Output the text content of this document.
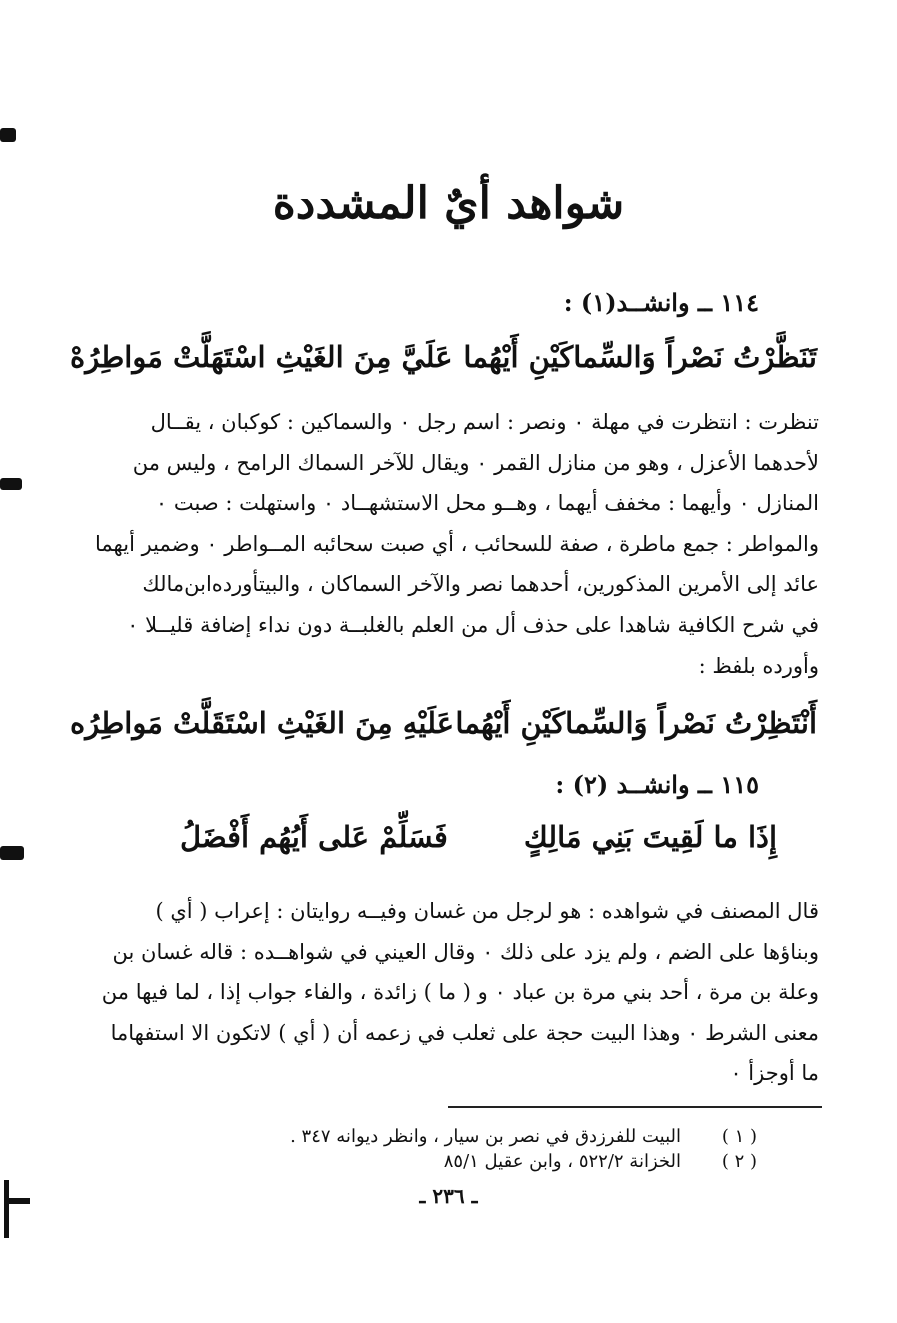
شواهد أيٌ المشددة
١١٤ ــ وانشــد(١) :
تَنَظَّرْتُ نَصْراً وَالسِّماكَيْنِ أَيْهُما
عَلَيَّ مِنَ الغَيْثِ اسْتَهَلَّتْ مَواطِرُهْ
تنظرت : انتظرت في مهلة ٠ ونصر : اسم رجل ٠ والسماكين : كوكبان ، يقــال
لأحدهما الأعزل ، وهو من منازل القمر ٠ ويقال للآخر السماك الرامح ، وليس من
المنازل ٠ وأيهما : مخفف أيهما ، وهــو محل الاستشهــاد ٠ واستهلت : صبت ٠
والمواطر : جمع ماطرة ، صفة للسحائب ، أي صبت سحائبه المــواطر ٠ وضمير أيهما
عائد إلى الأمرين المذكورين، أحدهما نصر والآخر السماكان ، والبيتأورده‌ابن‌مالك
في شرح الكافية شاهدا على حذف أل من العلم بالغلبــة دون نداء إضافة قليــلا ٠
وأورده بلفظ :
أَنْتَظِرْتُ نَصْراً وَالسِّماكَيْنِ أَيْهُما
عَلَيْهِ مِنَ الغَيْثِ اسْتَقَلَّتْ مَواطِرُه
١١٥ ــ وانشــد (٢) :
إِذَا ما لَقِيتَ بَنِي مَالِكٍ
فَسَلِّمْ عَلى أَيُهُم أَفْضَلُ
قال المصنف في شواهده : هو لرجل من غسان وفيــه روايتان : إعراب ( أي )
وبناؤها على الضم ، ولم يزد على ذلك ٠ وقال العيني في شواهــده : قاله غسان بن
وعلة بن مرة ، أحد بني مرة بن عباد ٠ و ( ما ) زائدة ، والفاء جواب إذا ، لما فيها من
معنى الشرط ٠ وهذا البيت حجة على ثعلب في زعمه أن ( أي ) لاتكون الا استفهاما
ما أوجزأ ٠
( ١ )
البيت للفرزدق في نصر بن سيار ، وانظر ديوانه ٣٤٧ .
( ٢ )
الخزانة ٥٢٢/٢ ، وابن عقيل ٨٥/١
ـ ٢٣٦ ـ
